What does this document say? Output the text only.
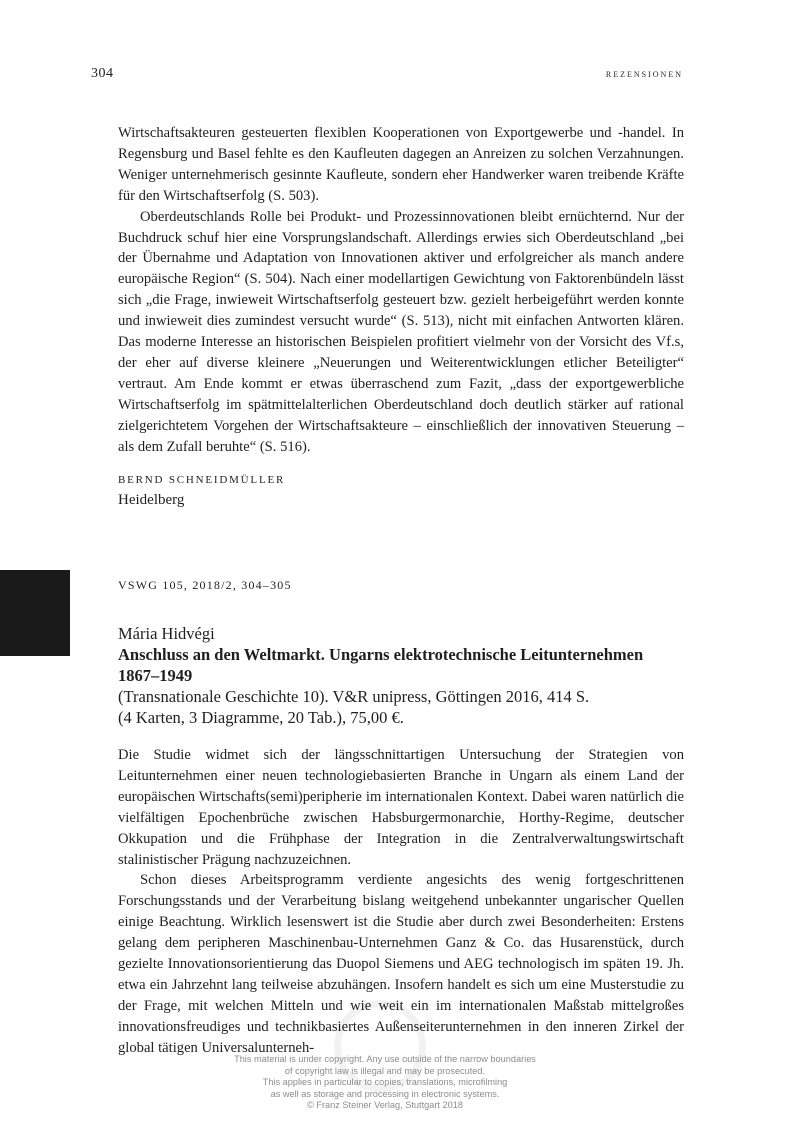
304	rezensionen

Wirtschaftsakteuren gesteuerten flexiblen Kooperationen von Exportgewerbe und -handel. In Regensburg und Basel fehlte es den Kaufleuten dagegen an Anreizen zu solchen Verzahnungen. Weniger unternehmerisch gesinnte Kaufleute, sondern eher Handwerker waren treibende Kräfte für den Wirtschaftserfolg (S. 503).

Oberdeutschlands Rolle bei Produkt- und Prozessinnovationen bleibt ernüchternd. Nur der Buchdruck schuf hier eine Vorsprungslandschaft. Allerdings erwies sich Oberdeutschland „bei der Übernahme und Adaptation von Innovationen aktiver und erfolgreicher als manch andere europäische Region“ (S. 504). Nach einer modellartigen Gewichtung von Faktorenbündeln lässt sich „die Frage, inwieweit Wirtschaftserfolg gesteuert bzw. gezielt herbeigeführt werden konnte und inwieweit dies zumindest versucht wurde“ (S. 513), nicht mit einfachen Antworten klären. Das moderne Interesse an historischen Beispielen profitiert vielmehr von der Vorsicht des Vf.s, der eher auf diverse kleinere „Neuerungen und Weiterentwicklungen etlicher Beteiligter“ vertraut. Am Ende kommt er etwas überraschend zum Fazit, „dass der exportgewerbliche Wirtschaftserfolg im spätmittelalterlichen Oberdeutschland doch deutlich stärker auf rational zielgerichtetem Vorgehen der Wirtschaftsakteure – einschließlich der innovativen Steuerung – als dem Zufall beruhte“ (S. 516).

BERND SCHNEIDMÜLLER
Heidelberg
VSWG 105, 2018/2, 304–305
Mária Hidvégi
Anschluss an den Weltmarkt. Ungarns elektrotechnische Leitunternehmen 1867–1949
(Transnationale Geschichte 10). V&R unipress, Göttingen 2016, 414 S.
(4 Karten, 3 Diagramme, 20 Tab.), 75,00 €.

Die Studie widmet sich der längsschnittartigen Untersuchung der Strategien von Leitunternehmen einer neuen technologiebasierten Branche in Ungarn als einem Land der europäischen Wirtschafts(semi)peripherie im internationalen Kontext. Dabei waren natürlich die vielfältigen Epochenbrüche zwischen Habsburgermonarchie, Horthy-Regime, deutscher Okkupation und die Frühphase der Integration in die Zentralverwaltungswirtschaft stalinistischer Prägung nachzuzeichnen.

Schon dieses Arbeitsprogramm verdiente angesichts des wenig fortgeschrittenen Forschungsstands und der Verarbeitung bislang weitgehend unbekannter ungarischer Quellen einige Beachtung. Wirklich lesenswert ist die Studie aber durch zwei Besonderheiten: Erstens gelang dem peripheren Maschinenbau-Unternehmen Ganz & Co. das Husarenstück, durch gezielte Innovationsorientierung das Duopol Siemens und AEG technologisch im späten 19. Jh. etwa ein Jahrzehnt lang teilweise abzuhängen. Insofern handelt es sich um eine Musterstudie zu der Frage, mit welchen Mitteln und wie weit ein im internationalen Maßstab mittelgroßes innovationsfreudiges und technikbasiertes Außenseiterunternehmen in den inneren Zirkel der global tätigen Universalunterneh-

This material is under copyright. Any use outside of the narrow boundaries
of copyright law is illegal and may be prosecuted.
This applies in particular to copies, translations, microfilming
as well as storage and processing in electronic systems.
© Franz Steiner Verlag, Stuttgart 2018
